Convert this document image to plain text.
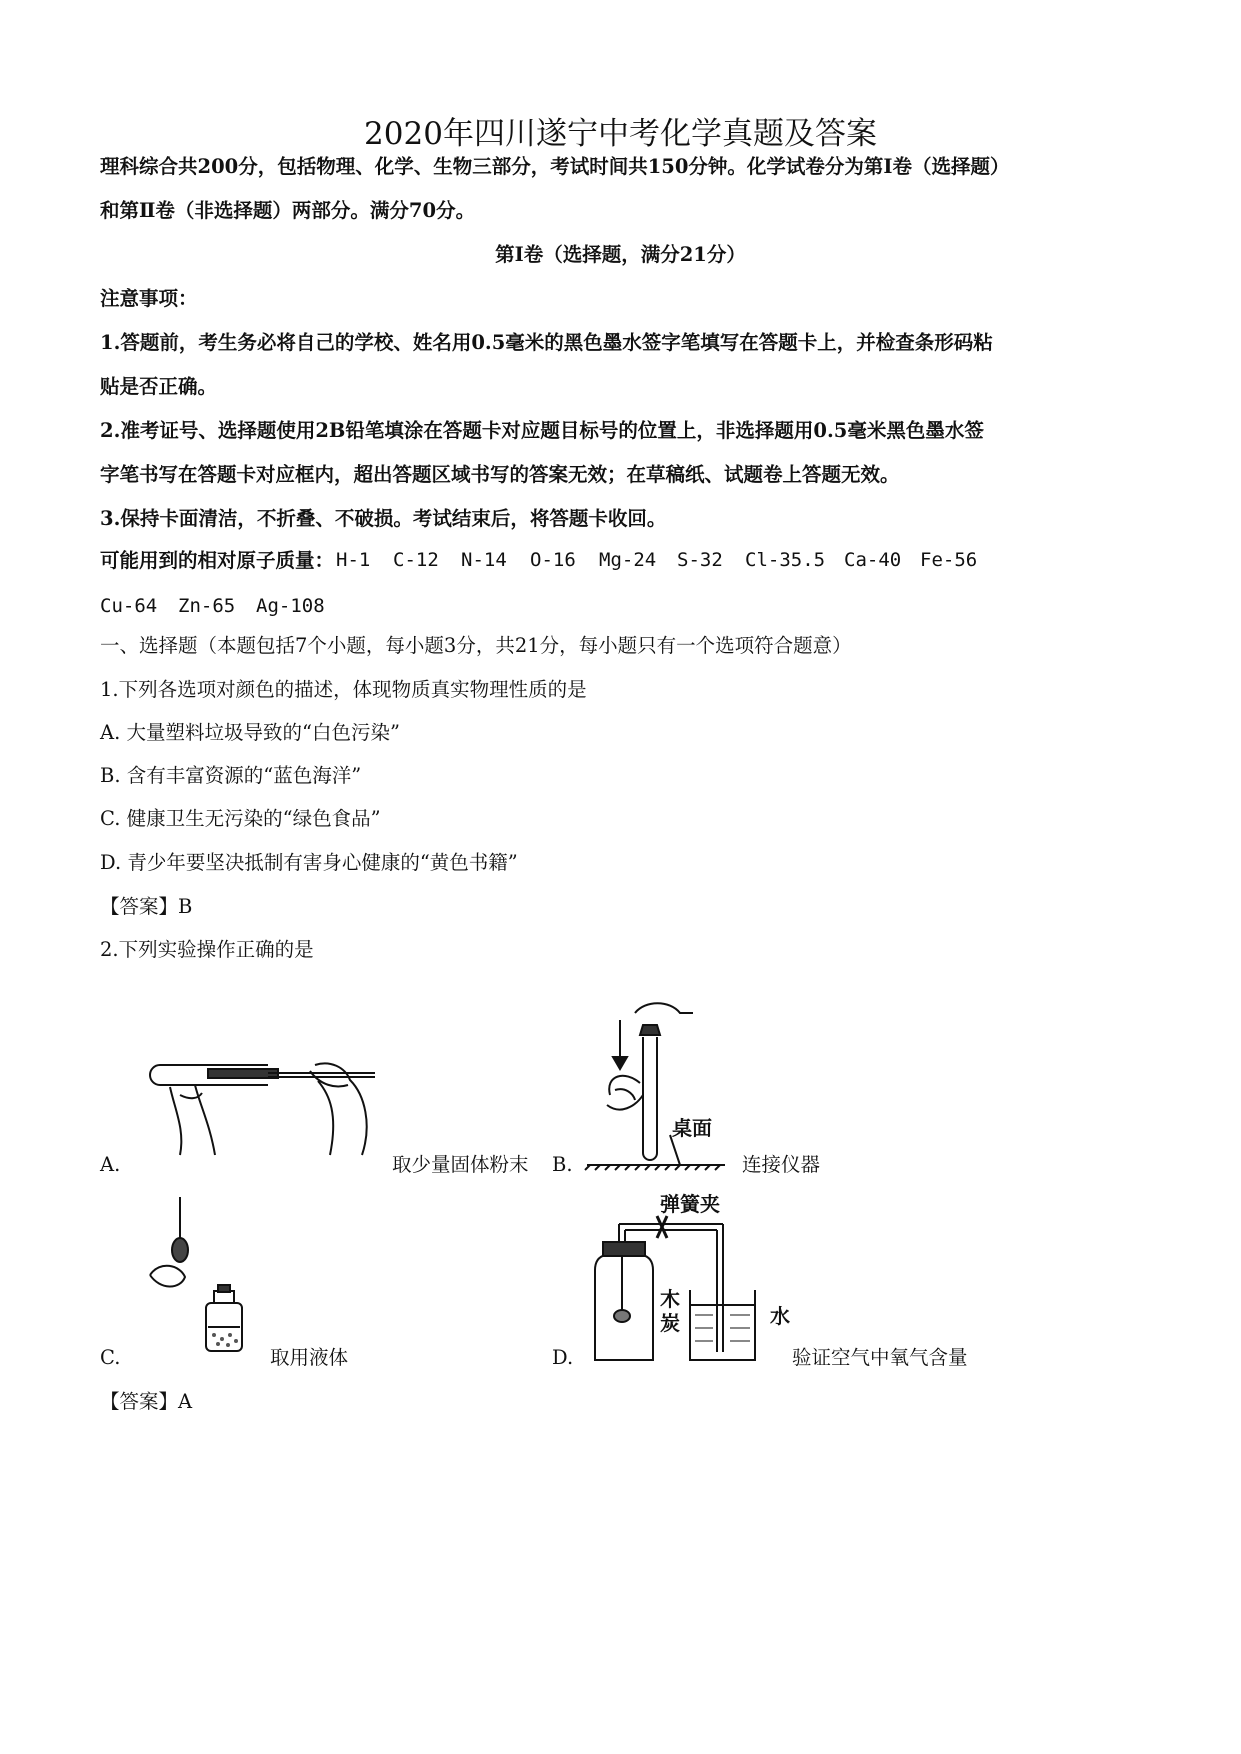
2020年四川遂宁中考化学真题及答案
理科综合共200分，包括物理、化学、生物三部分，考试时间共150分钟。化学试卷分为第Ⅰ卷（选择题）
和第Ⅱ卷（非选择题）两部分。满分70分。
第Ⅰ卷（选择题，满分21分）
注意事项：
1.答题前，考生务必将自己的学校、姓名用0.5毫米的黑色墨水签字笔填写在答题卡上，并检查条形码粘
贴是否正确。
2.准考证号、选择题使用2B铅笔填涂在答题卡对应题目标号的位置上，非选择题用0.5毫米黑色墨水签
字笔书写在答题卡对应框内，超出答题区域书写的答案无效；在草稿纸、试题卷上答题无效。
3.保持卡面清洁，不折叠、不破损。考试结束后，将答题卡收回。
可能用到的相对原子质量： H-1 C-12 N-14 O-16 Mg-24 S-32 Cl-35.5 Ca-40 Fe-56
Cu-64 Zn-65 Ag-108
一、选择题（本题包括7个小题，每小题3分，共21分，每小题只有一个选项符合题意）
1.下列各选项对颜色的描述，体现物质真实物理性质的是
A. 大量塑料垃圾导致的“白色污染”
B. 含有丰富资源的“蓝色海洋”
C. 健康卫生无污染的“绿色食品”
D. 青少年要坚决抵制有害身心健康的“黄色书籍”
【答案】B
2.下列实验操作正确的是
A.	取少量固体粉末 B.
桌面
连接仪器
C.	取用液体	D.
弹簧夹
木
炭	水
验证空气中氧气含量
【答案】A
